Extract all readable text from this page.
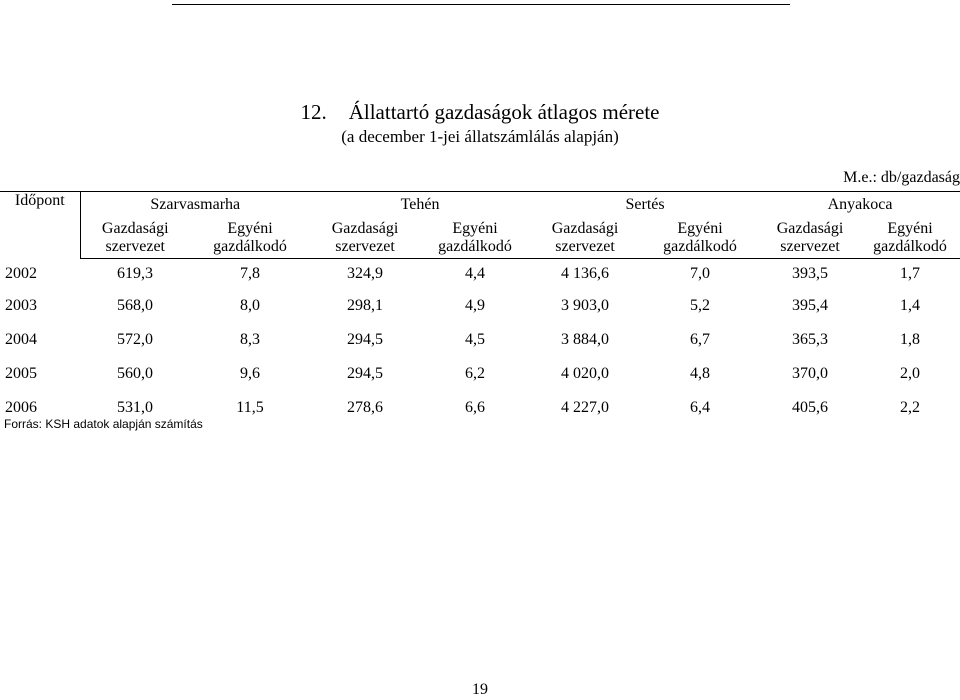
12. Állattartó gazdaságok átlagos mérete
(a december 1-jei állatszámlálás alapján)
M.e.: db/gazdaság
Időpont	Szarvasmarha		Tehén		Sertés		Anyakoca	
	Gazdasági
szervezet	Egyéni
gazdálkodó	Gazdasági
szervezet	Egyéni
gazdálkodó	Gazdasági
szervezet	Egyéni
gazdálkodó	Gazdasági
szervezet	Egyéni
gazdálkodó
2002	619,3	7,8	324,9	4,4	4 136,6	7,0	393,5	1,7
2003	568,0	8,0	298,1	4,9	3 903,0	5,2	395,4	1,4
2004	572,0	8,3	294,5	4,5	3 884,0	6,7	365,3	1,8
2005	560,0	9,6	294,5	6,2	4 020,0	4,8	370,0	2,0
2006	531,0	11,5	278,6	6,6	4 227,0	6,4	405,6	2,2
Forrás: KSH adatok alapján számítás
19
